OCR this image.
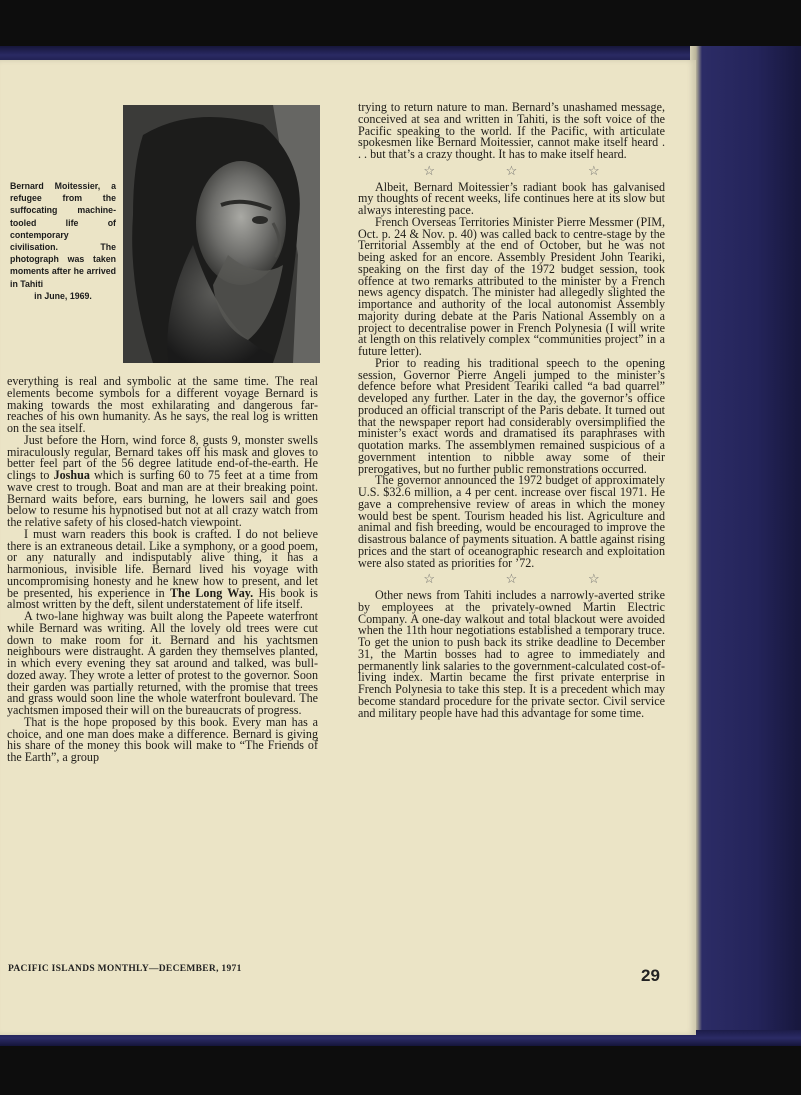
Bernard Moitessier, a refugee from the suffocating machine-tooled life of contemporary civilisation. The photograph was taken moments after he arrived in Tahiti
in June, 1969.

everything is real and symbolic at the same time. The real elements become symbols for a different voyage Bernard is making towards the most exhilarating and dangerous far-reaches of his own humanity. As he says, the real log is written on the sea itself.

Just before the Horn, wind force 8, gusts 9, monster swells miraculously regular, Bernard takes off his mask and gloves to better feel part of the 56 degree latitude end-of-the-earth. He clings to Joshua which is surfing 60 to 75 feet at a time from wave crest to trough. Boat and man are at their breaking point. Bernard waits before, ears burning, he lowers sail and goes below to resume his hypnotised but not at all crazy watch from the relative safety of his closed-hatch viewpoint.

I must warn readers this book is crafted. I do not believe there is an extraneous detail. Like a symphony, or a good poem, or any naturally and indisputably alive thing, it has a harmonious, invisible life. Bernard lived his voyage with uncompromising honesty and he knew how to present, and let be presented, his experience in The Long Way. His book is almost written by the deft, silent understatement of life itself.

A two-lane highway was built along the Papeete waterfront while Bernard was writing. All the lovely old trees were cut down to make room for it. Bernard and his yachtsmen neighbours were distraught. A garden they themselves planted, in which every evening they sat around and talked, was bull-dozed away. They wrote a letter of protest to the governor. Soon their garden was partially returned, with the promise that trees and grass would soon line the whole waterfront boulevard. The yachtsmen imposed their will on the bureaucrats of progress.

That is the hope proposed by this book. Every man has a choice, and one man does make a difference. Bernard is giving his share of the money this book will make to “The Friends of the Earth”, a group

trying to return nature to man. Bernard’s unashamed message, conceived at sea and written in Tahiti, is the soft voice of the Pacific speaking to the world. If the Pacific, with articulate spokesmen like Bernard Moitessier, cannot make itself heard . . . but that’s a crazy thought. It has to make itself heard.

☆	☆	☆

Albeit, Bernard Moitessier’s radiant book has galvanised my thoughts of recent weeks, life continues here at its slow but always interesting pace.

French Overseas Territories Minister Pierre Messmer (PIM, Oct. p. 24 & Nov. p. 40) was called back to centre-stage by the Territorial Assembly at the end of October, but he was not being asked for an encore. Assembly President John Teariki, speaking on the first day of the 1972 budget session, took offence at two remarks attributed to the minister by a French news agency dispatch. The minister had allegedly slighted the importance and authority of the local autonomist Assembly majority during debate at the Paris National Assembly on a project to decentralise power in French Polynesia (I will write at length on this relatively complex “communities project” in a future letter).

Prior to reading his traditional speech to the opening session, Governor Pierre Angeli jumped to the minister’s defence before what President Teariki called “a bad quarrel” developed any further. Later in the day, the governor’s office produced an official transcript of the Paris debate. It turned out that the newspaper report had considerably oversimplified the minister’s exact words and dramatised its paraphrases with quotation marks. The assemblymen remained suspicious of a government intention to nibble away some of their prerogatives, but no further public remonstrations occurred.

The governor announced the 1972 budget of approximately U.S. $32.6 million, a 4 per cent. increase over fiscal 1971. He gave a comprehensive review of areas in which the money would best be spent. Tourism headed his list. Agriculture and animal and fish breeding, would be encouraged to improve the disastrous balance of payments situation. A battle against rising prices and the start of oceanographic research and exploitation were also stated as priorities for ’72.

☆	☆	☆

Other news from Tahiti includes a narrowly-averted strike by employees at the privately-owned Martin Electric Company. A one-day walkout and total blackout were avoided when the 11th hour negotiations established a temporary truce. To get the union to push back its strike deadline to December 31, the Martin bosses had to agree to immediately and permanently link salaries to the government-calculated cost-of-living index. Martin became the first private enterprise in French Polynesia to take this step. It is a precedent which may become standard procedure for the private sector. Civil service and military people have had this advantage for some time.

PACIFIC ISLANDS MONTHLY—DECEMBER, 1971	29
